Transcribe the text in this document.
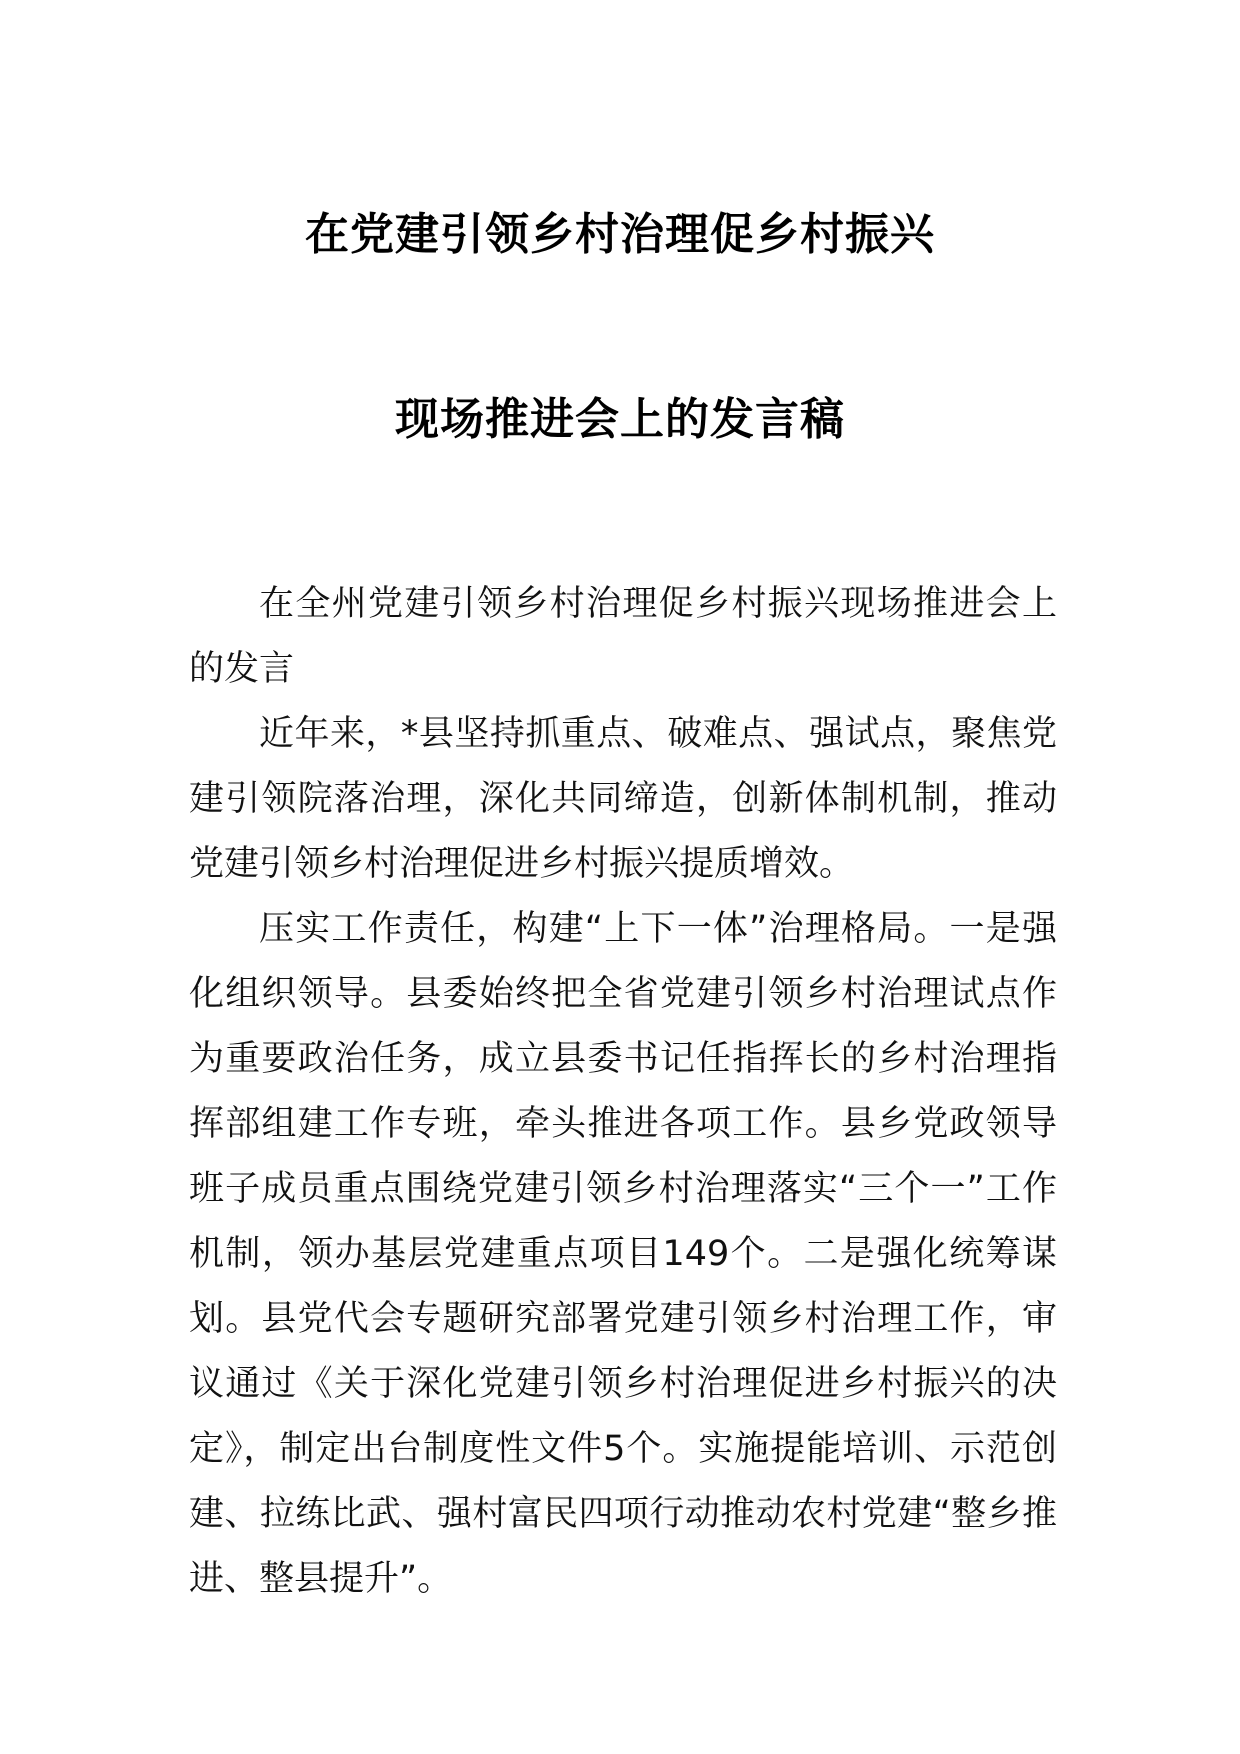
在党建引领乡村治理促乡村振兴
现场推进会上的发言稿

在全州党建引领乡村治理促乡村振兴现场推进会上的发言

近年来，*县坚持抓重点、破难点、强试点，聚焦党建引领院落治理，深化共同缔造，创新体制机制，推动党建引领乡村治理促进乡村振兴提质增效。

压实工作责任，构建“上下一体”治理格局。一是强化组织领导。县委始终把全省党建引领乡村治理试点作为重要政治任务，成立县委书记任指挥长的乡村治理指挥部组建工作专班，牵头推进各项工作。县乡党政领导班子成员重点围绕党建引领乡村治理落实“三个一”工作机制，领办基层党建重点项目149个。二是强化统筹谋划。县党代会专题研究部署党建引领乡村治理工作，审议通过《关于深化党建引领乡村治理促进乡村振兴的决定》，制定出台制度性文件5个。实施提能培训、示范创建、拉练比武、强村富民四项行动推动农村党建“整乡推进、整县提升”。
